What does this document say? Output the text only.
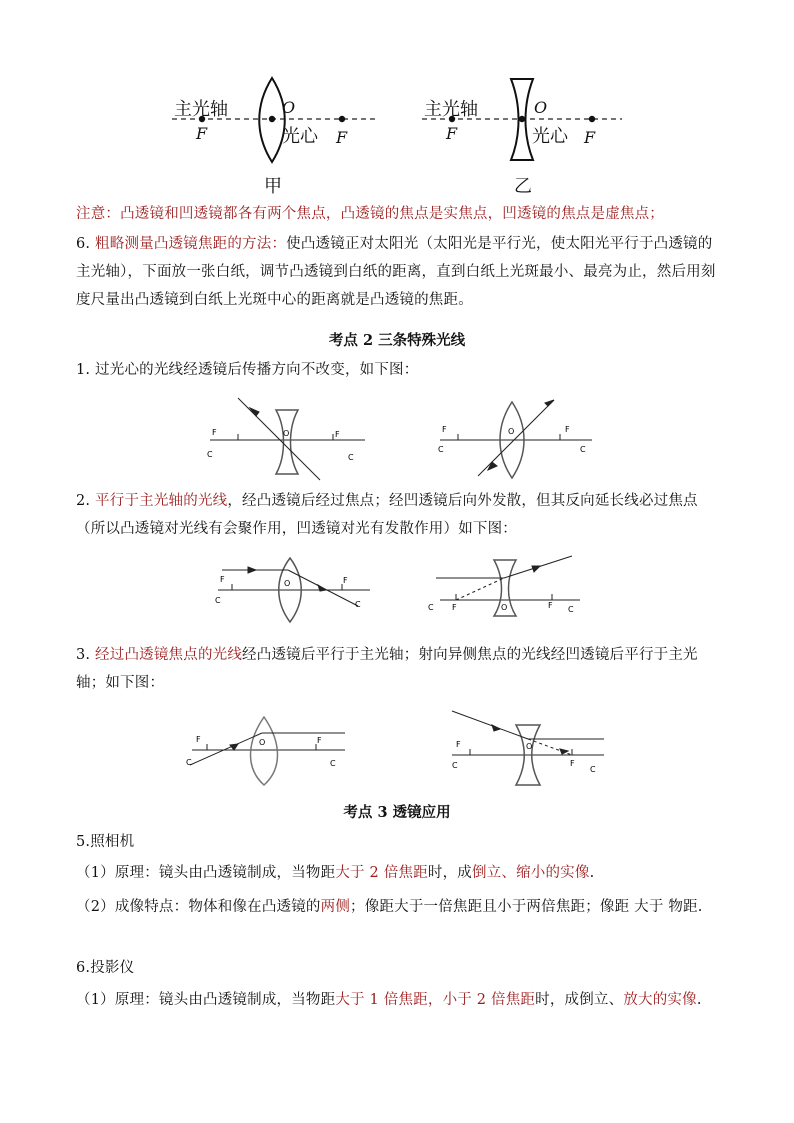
主光轴
F
O
光心 F
甲
主光轴
F
O
光心 F
乙
注意：凸透镜和凹透镜都各有两个焦点，凸透镜的焦点是实焦点，凹透镜的焦点是虚焦点；
6. 粗略测量凸透镜焦距的方法：使凸透镜正对太阳光（太阳光是平行光，使太阳光平行于凸透镜的主光轴），下面放一张白纸，调节凸透镜到白纸的距离，直到白纸上光斑最小、最亮为止，然后用刻度尺量出凸透镜到白纸上光斑中心的距离就是凸透镜的焦距。
考点 2 三条特殊光线
1. 过光心的光线经透镜后传播方向不改变，如下图：
F
C
O	F
C
F
C
O	F
C
2. 平行于主光轴的光线，经凸透镜后经过焦点；经凹透镜后向外发散，但其反向延长线必过焦点（所以凸透镜对光线有会聚作用，凹透镜对光有发散作用）如下图：
F
C
O	F
C	C F	O	F C
3. 经过凸透镜焦点的光线经凸透镜后平行于主光轴；射向异侧焦点的光线经凹透镜后平行于主光轴；如下图：
F
C
O	F
C
F
C
O
F
C
考点 3 透镜应用
5.照相机
（1）原理：镜头由凸透镜制成，当物距大于 2 倍焦距时，成倒立、缩小的实像.
（2）成像特点：物体和像在凸透镜的两侧；像距大于一倍焦距且小于两倍焦距；像距 大于 物距.
6.投影仪
（1）原理：镜头由凸透镜制成，当物距大于 1 倍焦距，小于 2 倍焦距时，成倒立、放大的实像.
